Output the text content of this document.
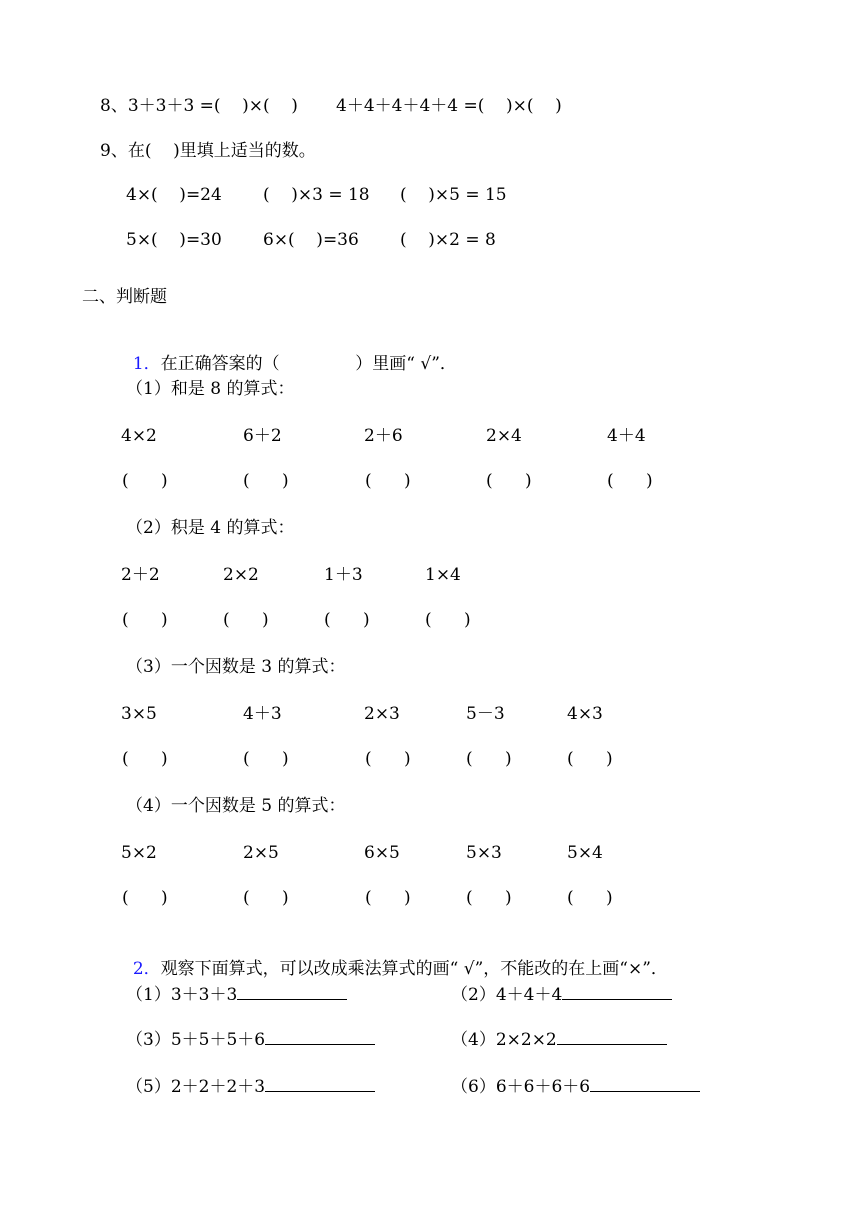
8、3＋3＋3 =(    )×(    ) 4＋4＋4＋4＋4 =(    )×(    )
9、在(    )里填上适当的数。
4×(    )=24 (    )×3 = 18 (    )×5 = 15
5×(    )=30 6×(    )=36 (    )×2 = 8
二、判断题

1．在正确答案的（              ）里画“ √”．

（1）和是 8 的算式：
4×2	6＋2	2＋6	2×4	4＋4
(      )	(      )	(      )	(      )	(      )
（2）积是 4 的算式：
2＋2	2×2	1＋3	1×4
(      )	(      )	(      )	(      )
（3）一个因数是 3 的算式：
3×5	4＋3	2×3	5－3	4×3
(      )	(      )	(      )	(      )	(      )
（4）一个因数是 5 的算式：
5×2	2×5	6×5	5×3	5×4
(      )	(      )	(      )	(      )	(      )

2．观察下面算式，可以改成乘法算式的画“ √”，不能改的在上画“×”．

（1）3＋3＋3	（2）4＋4＋4
（3）5＋5＋5＋6	（4）2×2×2
（5）2＋2＋2＋3	（6）6＋6＋6＋6
